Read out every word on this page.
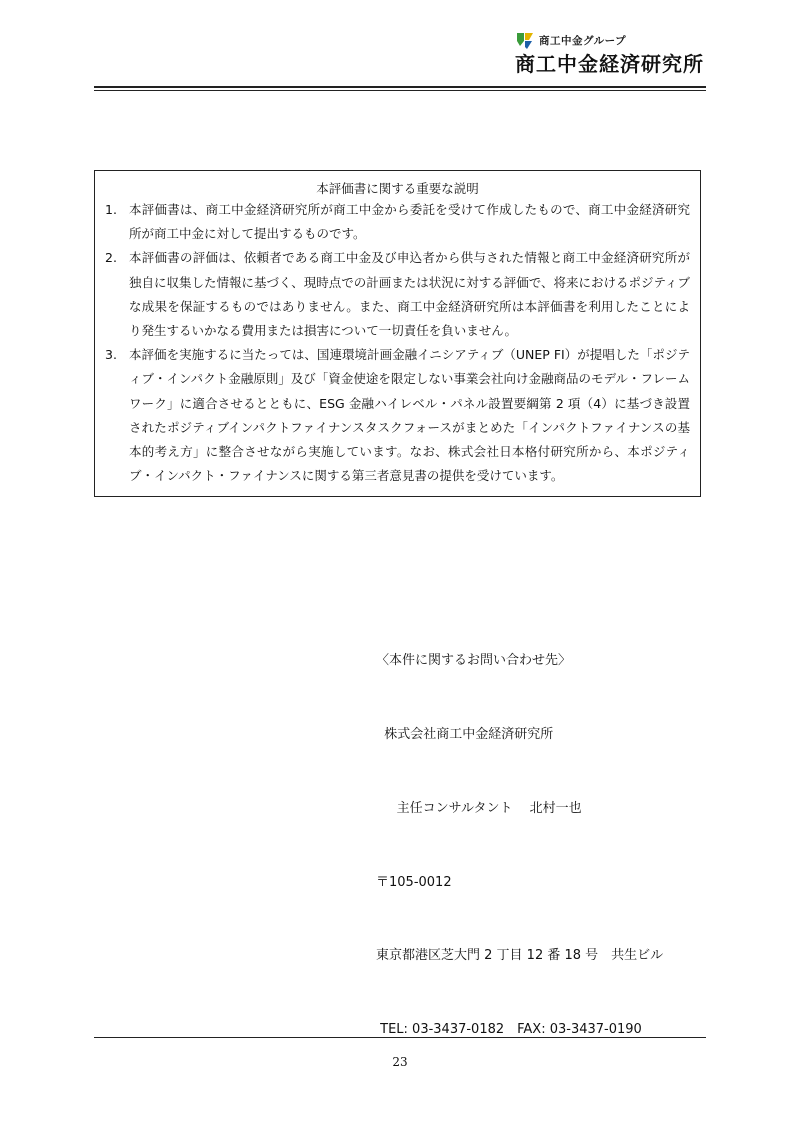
商工中金グループ
商工中金経済研究所
本評価書に関する重要な説明
1. 本評価書は、商工中金経済研究所が商工中金から委託を受けて作成したもので、商工中金経済研究所が商工中金に対して提出するものです。
2. 本評価書の評価は、依頼者である商工中金及び申込者から供与された情報と商工中金経済研究所が独自に収集した情報に基づく、現時点での計画または状況に対する評価で、将来におけるポジティブな成果を保証するものではありません。また、商工中金経済研究所は本評価書を利用したことにより発生するいかなる費用または損害について一切責任を負いません。
3. 本評価を実施するに当たっては、国連環境計画金融イニシアティブ（UNEP FI）が提唱した「ポジティブ・インパクト金融原則」及び「資金使途を限定しない事業会社向け金融商品のモデル・フレームワーク」に適合させるとともに、ESG 金融ハイレベル・パネル設置要綱第 2 項（4）に基づき設置されたポジティブインパクトファイナンスタスクフォースがまとめた「インパクトファイナンスの基本的考え方」に整合させながら実施しています。なお、株式会社日本格付研究所から、本ポジティブ・インパクト・ファイナンスに関する第三者意見書の提供を受けています。

〈本件に関するお問い合わせ先〉

株式会社商工中金経済研究所

主任コンサルタント　 北村一也

〒105-0012

東京都港区芝大門 2 丁目 12 番 18 号　共生ビル

TEL: 03-3437-0182　FAX: 03-3437-0190

23
